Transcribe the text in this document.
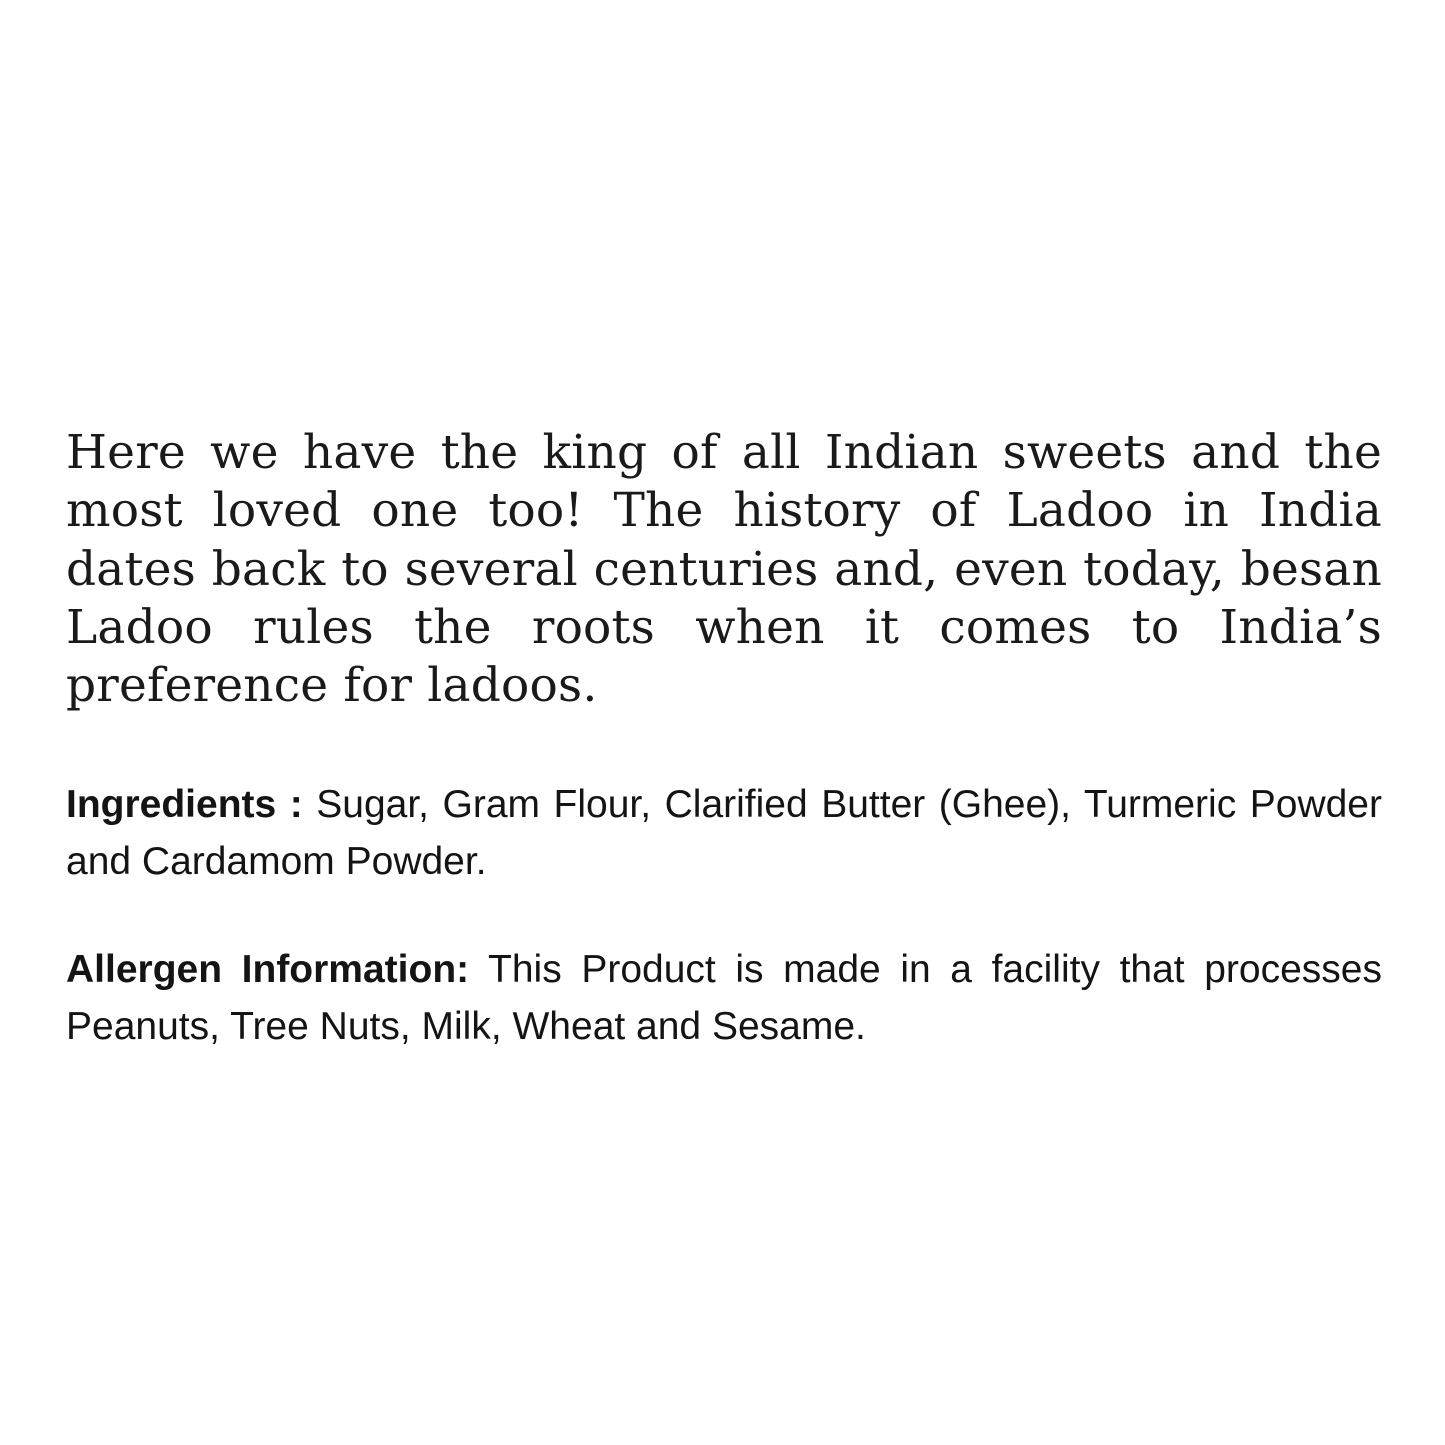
Here we have the king of all Indian sweets and the most loved one too! The history of Ladoo in India dates back to several centuries and, even today, besan Ladoo rules the roots when it comes to India’s preference for ladoos.

Ingredients : Sugar, Gram Flour, Clarified Butter (Ghee), Turmeric Powder and Cardamom Powder.

Allergen Information: This Product is made in a facility that processes Peanuts, Tree Nuts, Milk, Wheat and Sesame.
